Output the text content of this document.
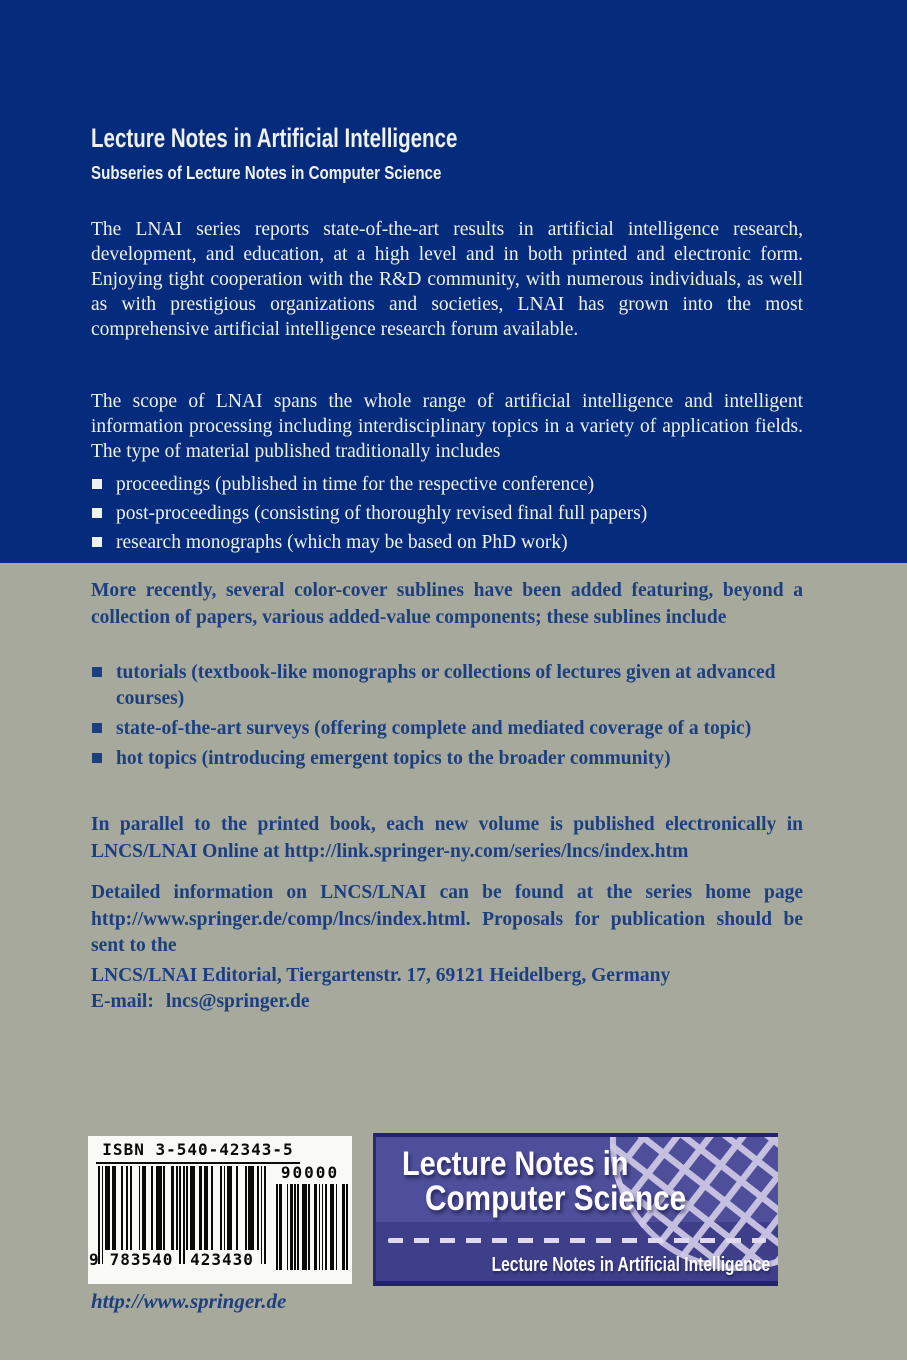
Lecture Notes in Artificial Intelligence
Subseries of Lecture Notes in Computer Science
The LNAI series reports state-of-the-art results in artificial intelligence research, development, and education, at a high level and in both printed and electronic form. Enjoying tight cooperation with the R&D community, with numerous individuals, as well as with prestigious organizations and societies, LNAI has grown into the most comprehensive artificial intelligence research forum available.
The scope of LNAI spans the whole range of artificial intelligence and intelligent information processing including interdisciplinary topics in a variety of application fields. The type of material published traditionally includes
proceedings (published in time for the respective conference)
post-proceedings (consisting of thoroughly revised final full papers)
research monographs (which may be based on PhD work)
More recently, several color-cover sublines have been added featuring, beyond a collection of papers, various added-value components; these sublines include
tutorials (textbook-like monographs or collections of lectures given at advanced courses)
state-of-the-art surveys (offering complete and mediated coverage of a topic)
hot topics (introducing emergent topics to the broader community)
In parallel to the printed book, each new volume is published electronically in LNCS/LNAI Online at http://link.springer-ny.com/series/lncs/index.htm
Detailed information on LNCS/LNAI can be found at the series home page http://www.springer.de/comp/lncs/index.html. Proposals for publication should be sent to the
LNCS/LNAI Editorial, Tiergartenstr. 17, 69121 Heidelberg, Germany
E-mail: lncs@springer.de
ISBN 3-540-42343-5
90000
9 783540	423430
Lecture Notes in
Computer Science
Lecture Notes in Artificial Intelligence
http://www.springer.de
